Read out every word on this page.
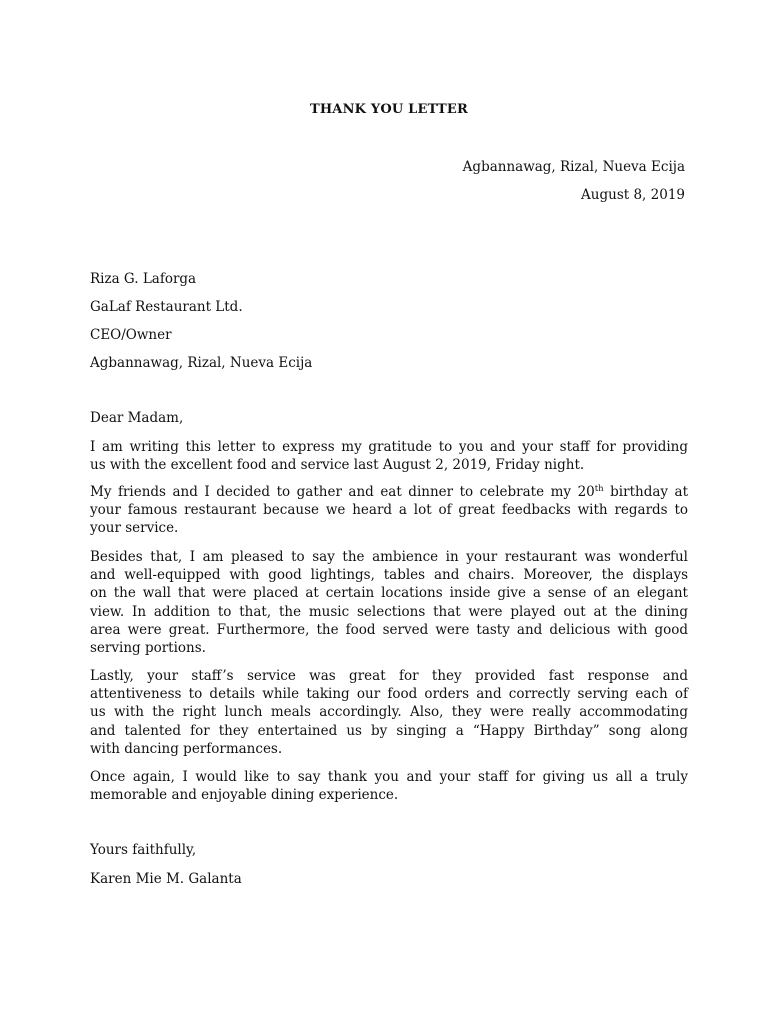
THANK YOU LETTER
Agbannawag, Rizal, Nueva Ecija
August 8, 2019
Riza G. Laforga
GaLaf Restaurant Ltd.
CEO/Owner
Agbannawag, Rizal, Nueva Ecija
Dear Madam,
I am writing this letter to express my gratitude to you and your staff for providing
us with the excellent food and service last August 2, 2019, Friday night.
My friends and I decided to gather and eat dinner to celebrate my 20th birthday at
your famous restaurant because we heard a lot of great feedbacks with regards to
your service.
Besides that, I am pleased to say the ambience in your restaurant was wonderful
and well-equipped with good lightings, tables and chairs. Moreover, the displays
on the wall that were placed at certain locations inside give a sense of an elegant
view. In addition to that, the music selections that were played out at the dining
area were great. Furthermore, the food served were tasty and delicious with good
serving portions.
Lastly, your staff’s service was great for they provided fast response and
attentiveness to details while taking our food orders and correctly serving each of
us with the right lunch meals accordingly. Also, they were really accommodating
and talented for they entertained us by singing a “Happy Birthday” song along
with dancing performances.
Once again, I would like to say thank you and your staff for giving us all a truly
memorable and enjoyable dining experience.
Yours faithfully,
Karen Mie M. Galanta
